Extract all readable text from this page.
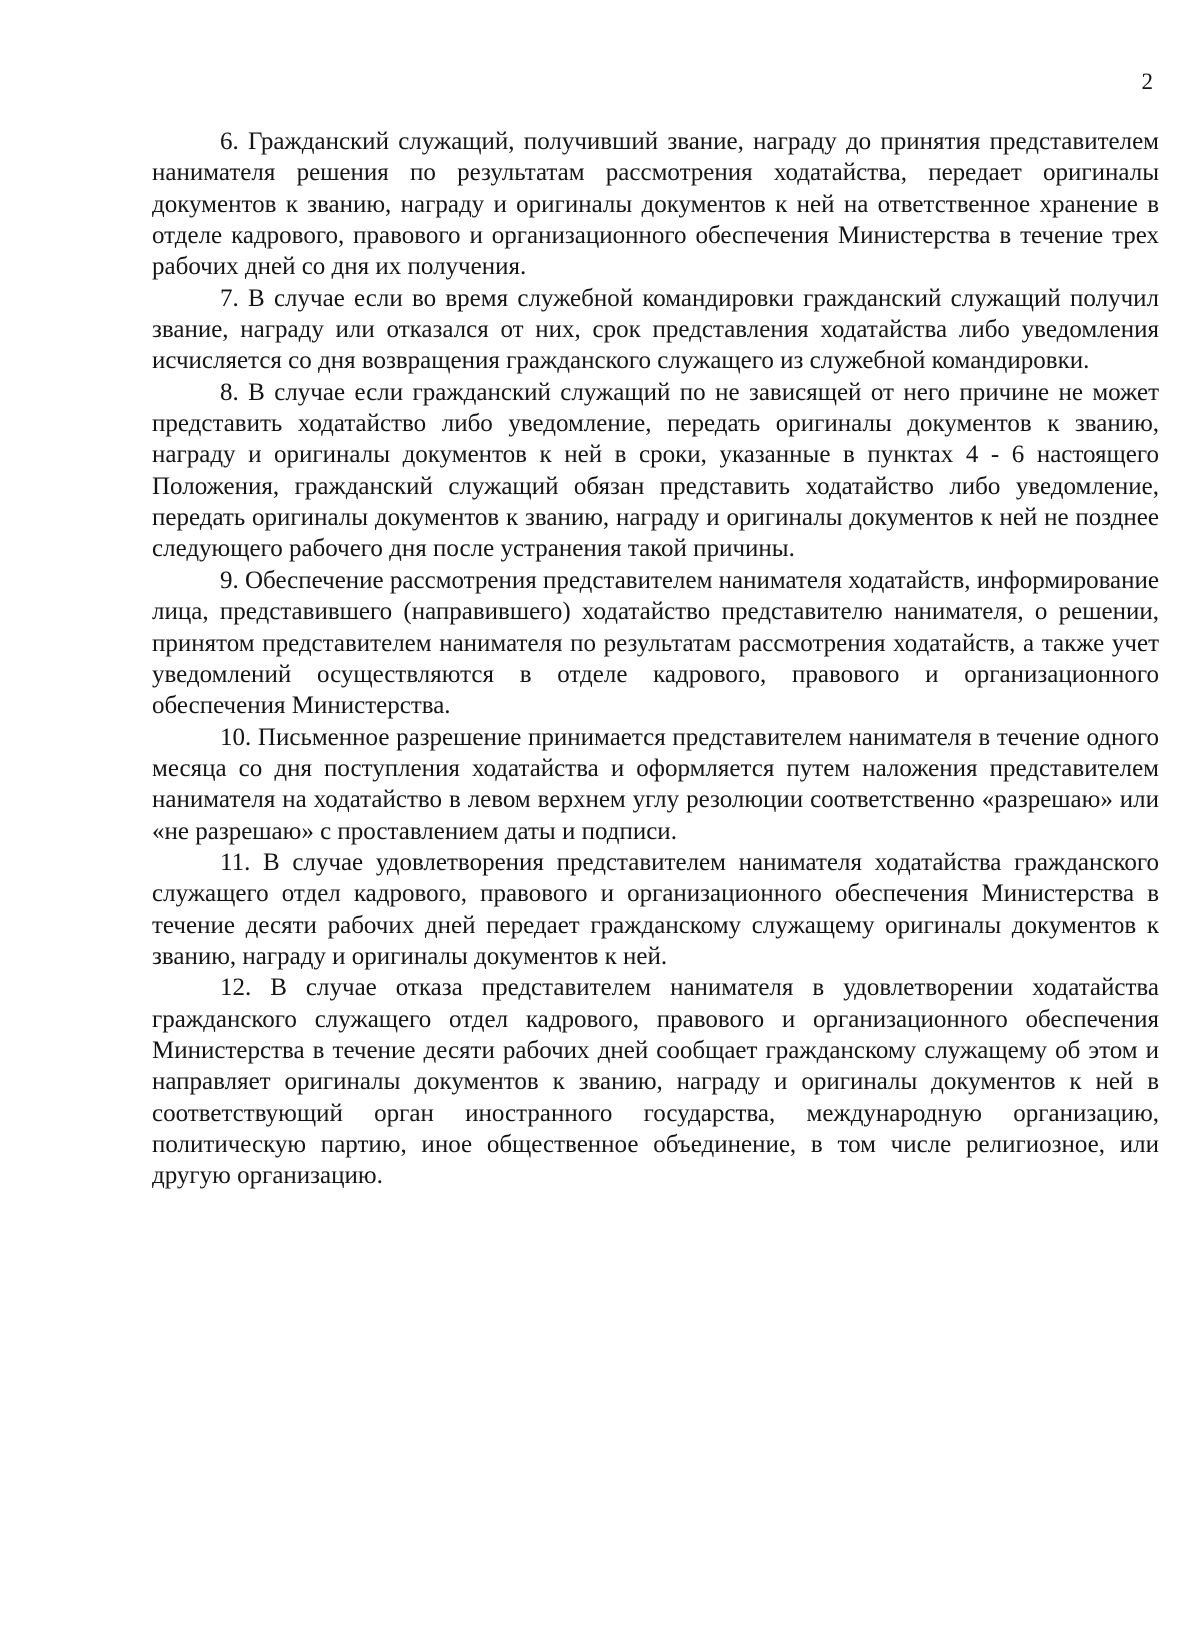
2

6. Гражданский служащий, получивший звание, награду до принятия представителем нанимателя решения по результатам рассмотрения ходатайства, передает оригиналы документов к званию, награду и оригиналы документов к ней на ответственное хранение в отделе кадрового, правового и организационного обеспечения Министерства в течение трех рабочих дней со дня их получения.

7. В случае если во время служебной командировки гражданский служащий получил звание, награду или отказался от них, срок представления ходатайства либо уведомления исчисляется со дня возвращения гражданского служащего из служебной командировки.

8. В случае если гражданский служащий по не зависящей от него причине не может представить ходатайство либо уведомление, передать оригиналы документов к званию, награду и оригиналы документов к ней в сроки, указанные в пунктах 4 - 6 настоящего Положения, гражданский служащий обязан представить ходатайство либо уведомление, передать оригиналы документов к званию, награду и оригиналы документов к ней не позднее следующего рабочего дня после устранения такой причины.

9. Обеспечение рассмотрения представителем нанимателя ходатайств, информирование лица, представившего (направившего) ходатайство представителю нанимателя, о решении, принятом представителем нанимателя по результатам рассмотрения ходатайств, а также учет уведомлений осуществляются в отделе кадрового, правового и организационного обеспечения Министерства.

10. Письменное разрешение принимается представителем нанимателя в течение одного месяца со дня поступления ходатайства и оформляется путем наложения представителем нанимателя на ходатайство в левом верхнем углу резолюции соответственно «разрешаю» или «не разрешаю» с проставлением даты и подписи.

11. В случае удовлетворения представителем нанимателя ходатайства гражданского служащего отдел кадрового, правового и организационного обеспечения Министерства в течение десяти рабочих дней передает гражданскому служащему оригиналы документов к званию, награду и оригиналы документов к ней.

12. В случае отказа представителем нанимателя в удовлетворении ходатайства гражданского служащего отдел кадрового, правового и организационного обеспечения Министерства в течение десяти рабочих дней сообщает гражданскому служащему об этом и направляет оригиналы документов к званию, награду и оригиналы документов к ней в соответствующий орган иностранного государства, международную организацию, политическую партию, иное общественное объединение, в том числе религиозное, или другую организацию.
